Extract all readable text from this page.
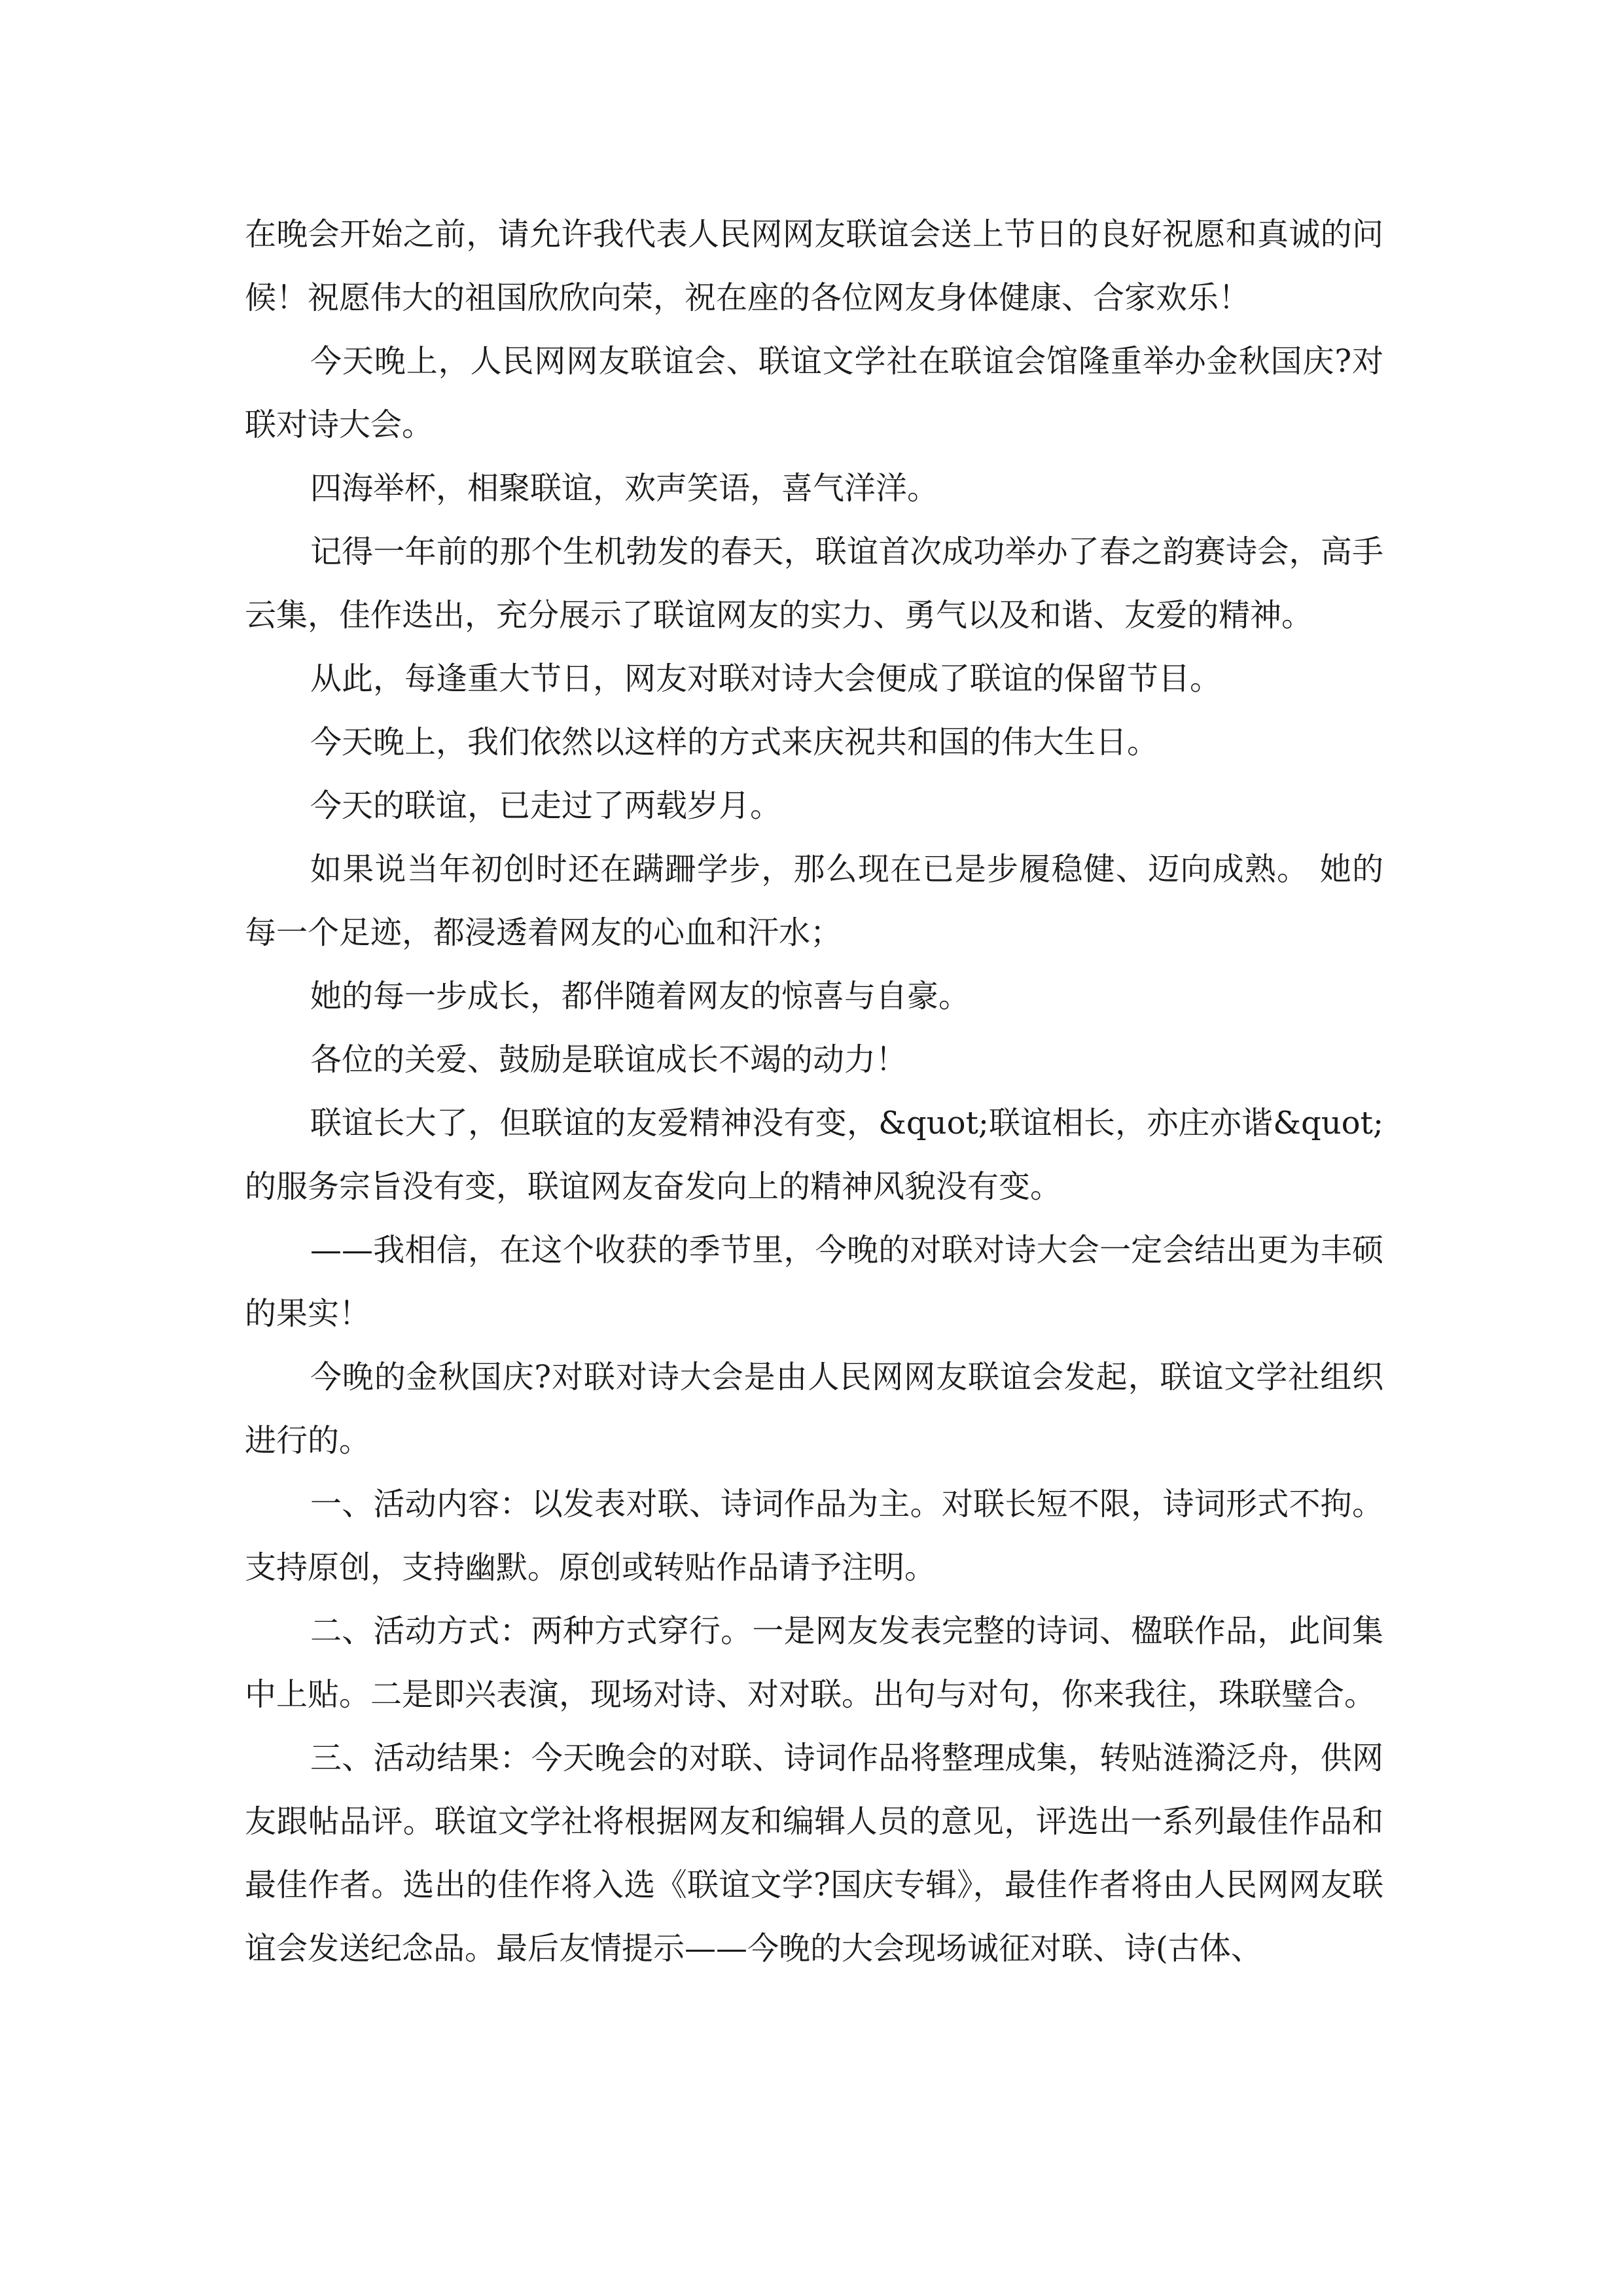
在晚会开始之前，请允许我代表人民网网友联谊会送上节日的良好祝愿和真诚的问候！祝愿伟大的祖国欣欣向荣，祝在座的各位网友身体健康、合家欢乐！

今天晚上，人民网网友联谊会、联谊文学社在联谊会馆隆重举办金秋国庆?对联对诗大会。

四海举杯，相聚联谊，欢声笑语，喜气洋洋。

记得一年前的那个生机勃发的春天，联谊首次成功举办了春之韵赛诗会，高手云集，佳作迭出，充分展示了联谊网友的实力、勇气以及和谐、友爱的精神。

从此，每逢重大节日，网友对联对诗大会便成了联谊的保留节目。

今天晚上，我们依然以这样的方式来庆祝共和国的伟大生日。

今天的联谊，已走过了两载岁月。

如果说当年初创时还在蹒跚学步，那么现在已是步履稳健、迈向成熟。 她的每一个足迹，都浸透着网友的心血和汗水；

她的每一步成长，都伴随着网友的惊喜与自豪。

各位的关爱、鼓励是联谊成长不竭的动力！

联谊长大了，但联谊的友爱精神没有变，&quot;联谊相长，亦庄亦谐&quot;的服务宗旨没有变，联谊网友奋发向上的精神风貌没有变。

——我相信，在这个收获的季节里，今晚的对联对诗大会一定会结出更为丰硕的果实！

今晚的金秋国庆?对联对诗大会是由人民网网友联谊会发起，联谊文学社组织进行的。

一、活动内容：以发表对联、诗词作品为主。对联长短不限，诗词形式不拘。支持原创，支持幽默。原创或转贴作品请予注明。

二、活动方式：两种方式穿行。一是网友发表完整的诗词、楹联作品，此间集中上贴。二是即兴表演，现场对诗、对对联。出句与对句，你来我往，珠联璧合。

三、活动结果：今天晚会的对联、诗词作品将整理成集，转贴涟漪泛舟，供网友跟帖品评。联谊文学社将根据网友和编辑人员的意见，评选出一系列最佳作品和最佳作者。选出的佳作将入选《联谊文学?国庆专辑》，最佳作者将由人民网网友联谊会发送纪念品。最后友情提示——今晚的大会现场诚征对联、诗(古体、
